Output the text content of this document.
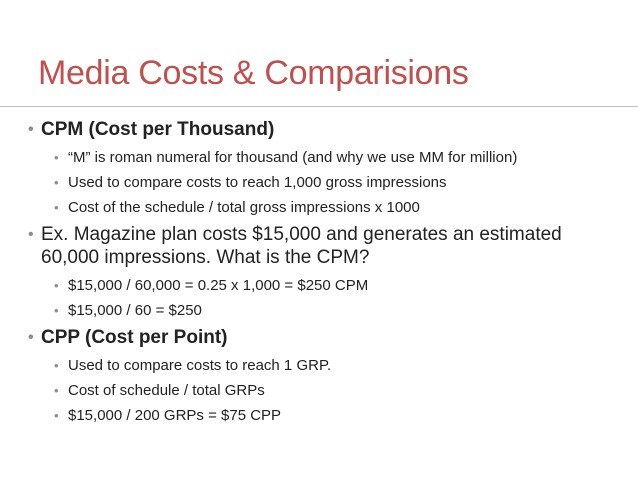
Media Costs & Comparisions
• CPM (Cost per Thousand)
• “M” is roman numeral for thousand (and why we use MM for million)
• Used to compare costs to reach 1,000 gross impressions
• Cost of the schedule / total gross impressions x 1000
• Ex. Magazine plan costs $15,000 and generates an estimated 60,000 impressions. What is the CPM?
• $15,000 / 60,000 = 0.25 x 1,000 = $250 CPM
• $15,000 / 60 = $250
• CPP (Cost per Point)
• Used to compare costs to reach 1 GRP.
• Cost of schedule / total GRPs
• $15,000 / 200 GRPs = $75 CPP
